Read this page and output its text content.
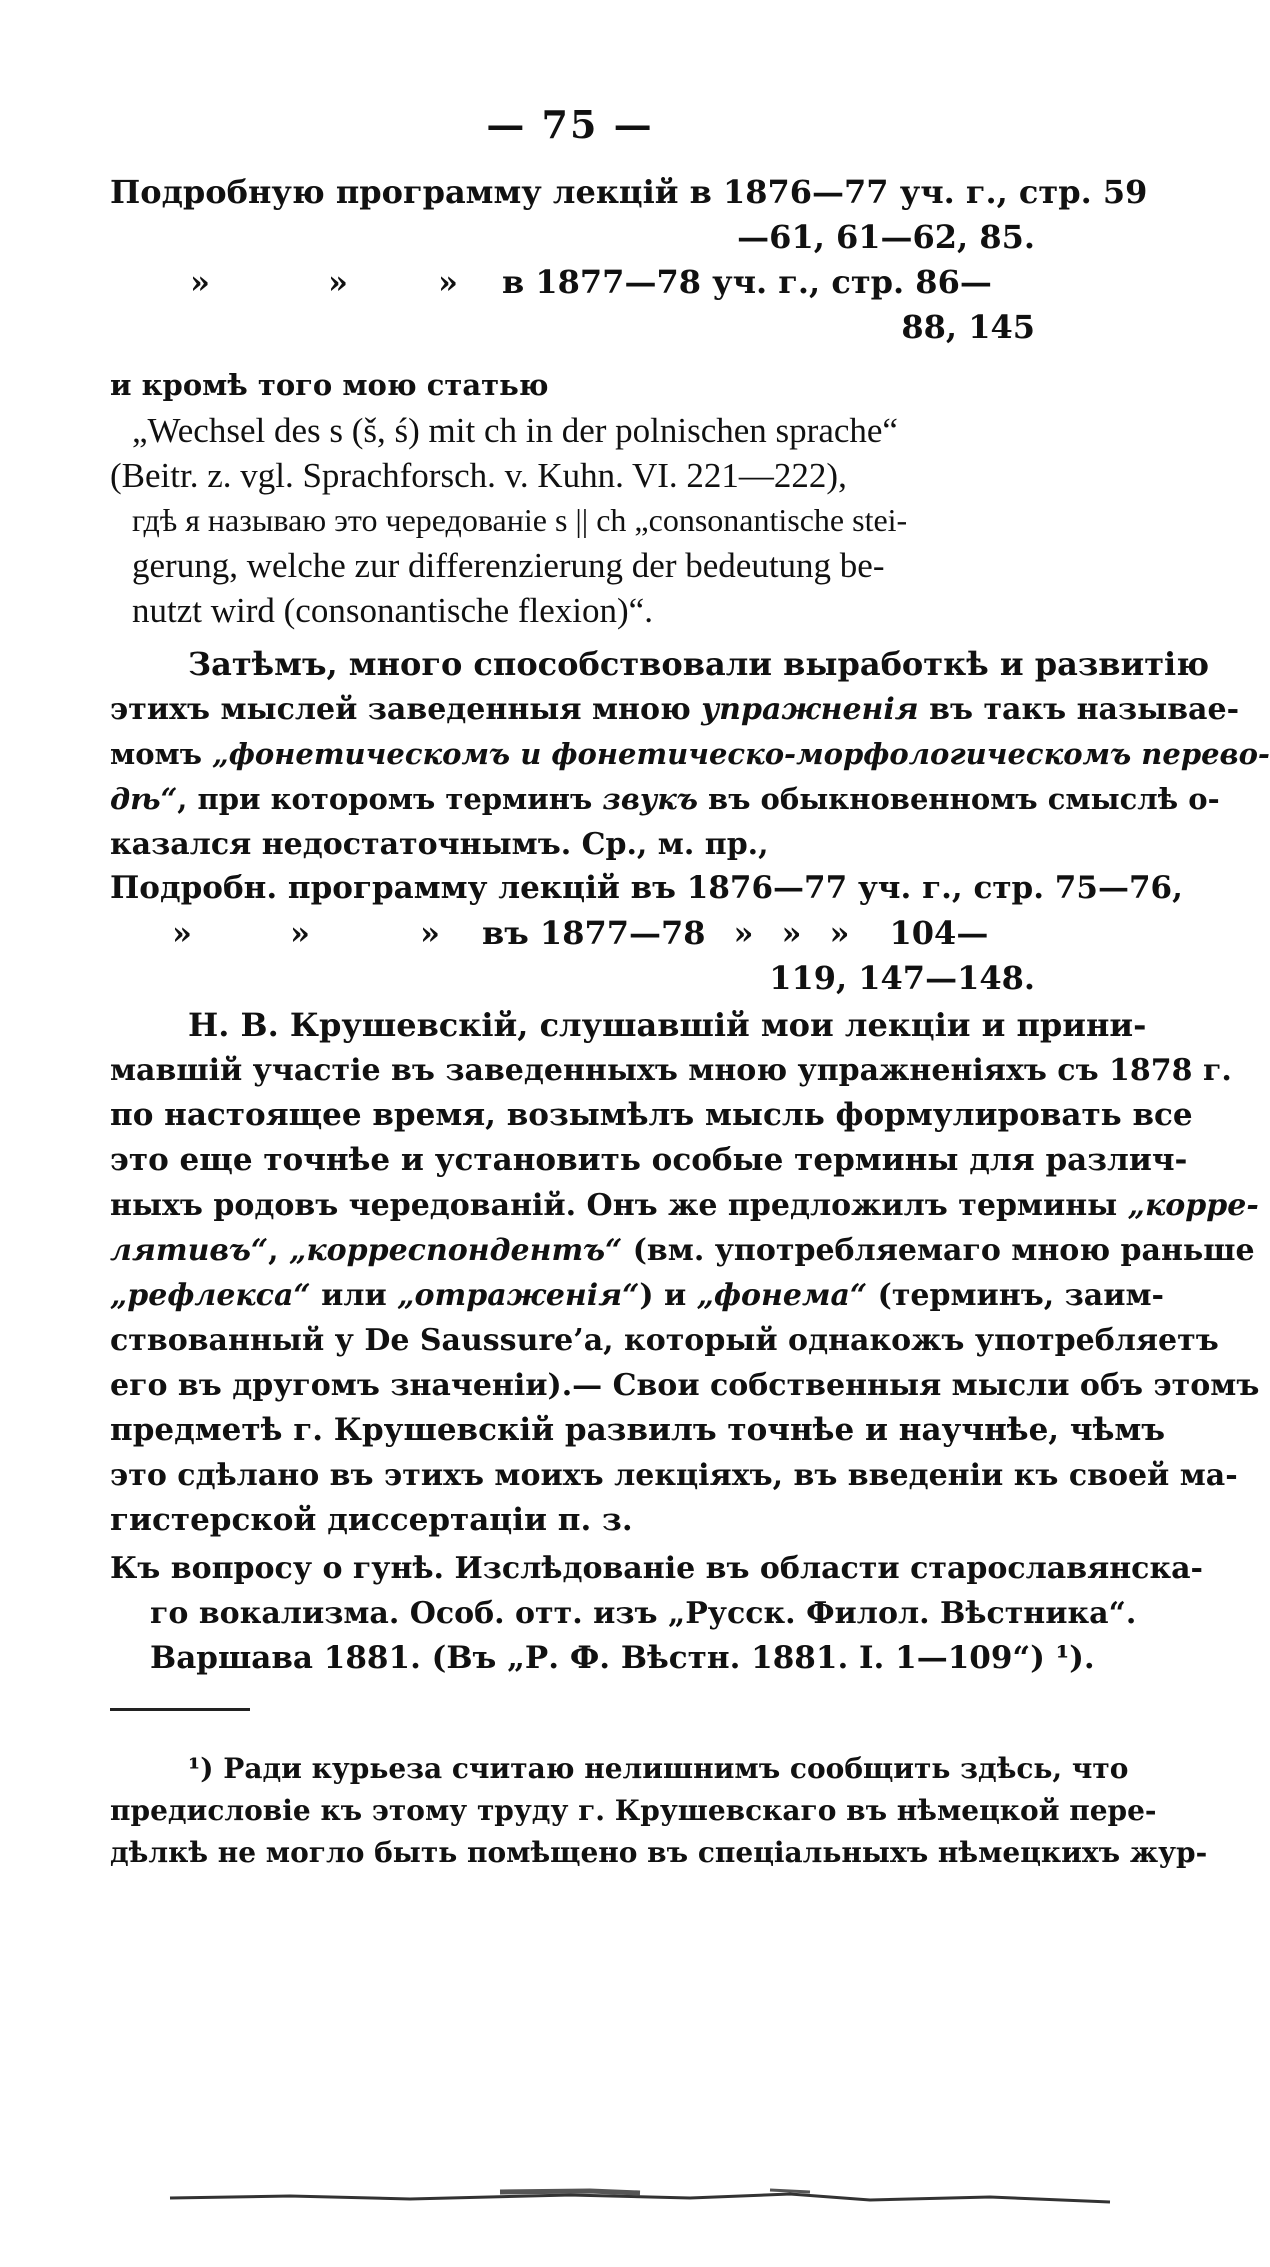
— 75 —
Подробную программу лекцій в 1876—77 уч. г., стр. 59
—61, 61—62, 85.
»	»	» в 1877—78 уч. г., стр. 86—
88, 145
и кромѣ того мою статью
„Wechsel des s (š, ś) mit ch in der polnischen sprache“
(Beitr. z. vgl. Sprachforsch. v. Kuhn. VI. 221—222),
гдѣ я называю это чередованіе s || ch „consonantische stei-
gerung, welche zur differenzierung der bedeutung be-
nutzt wird (consonantische flexion)“.
Затѣмъ, много способствовали выработкѣ и развитію
этихъ мыслей заведенныя мною упражненія въ такъ называе-
момъ „фонетическомъ и фонетическо-морфологическомъ перево-
дѣ“, при которомъ терминъ звукъ въ обыкновенномъ смыслѣ о-
казался недостаточнымъ. Ср., м. пр.,
Подробн. программу лекцій въ 1876—77 уч. г., стр. 75—76,
»	»	» въ 1877—78 » » » 104—
119, 147—148.
Н. В. Крушевскій, слушавшій мои лекціи и прини-
мавшій участіе въ заведенныхъ мною упражненіяхъ съ 1878 г.
по настоящее время, возымѣлъ мысль формулировать все
это еще точнѣе и установить особые термины для различ-
ныхъ родовъ чередованій. Онъ же предложилъ термины „корре-
лятивъ“, „корреспондентъ“ (вм. употребляемаго мною раньше
„рефлекса“ или „отраженія“) и „фонема“ (терминъ, заим-
ствованный у De Saussure’a, который однакожъ употребляетъ
его въ другомъ значеніи).— Свои собственныя мысли объ этомъ
предметѣ г. Крушевскій развилъ точнѣе и научнѣе, чѣмъ
это сдѣлано въ этихъ моихъ лекціяхъ, въ введеніи къ своей ма-
гистерской диссертаціи п. з.
Къ вопросу о гунѣ. Изслѣдованіе въ области старославянска-
го вокализма. Особ. отт. изъ „Русск. Филол. Вѣстника“.
Варшава 1881. (Въ „Р. Ф. Вѣстн. 1881. I. 1—109“) ¹).
¹) Ради курьеза считаю нелишнимъ сообщить здѣсь, что
предисловіе къ этому труду г. Крушевскаго въ нѣмецкой пере-
дѣлкѣ не могло быть помѣщено въ спеціальныхъ нѣмецкихъ жур-
